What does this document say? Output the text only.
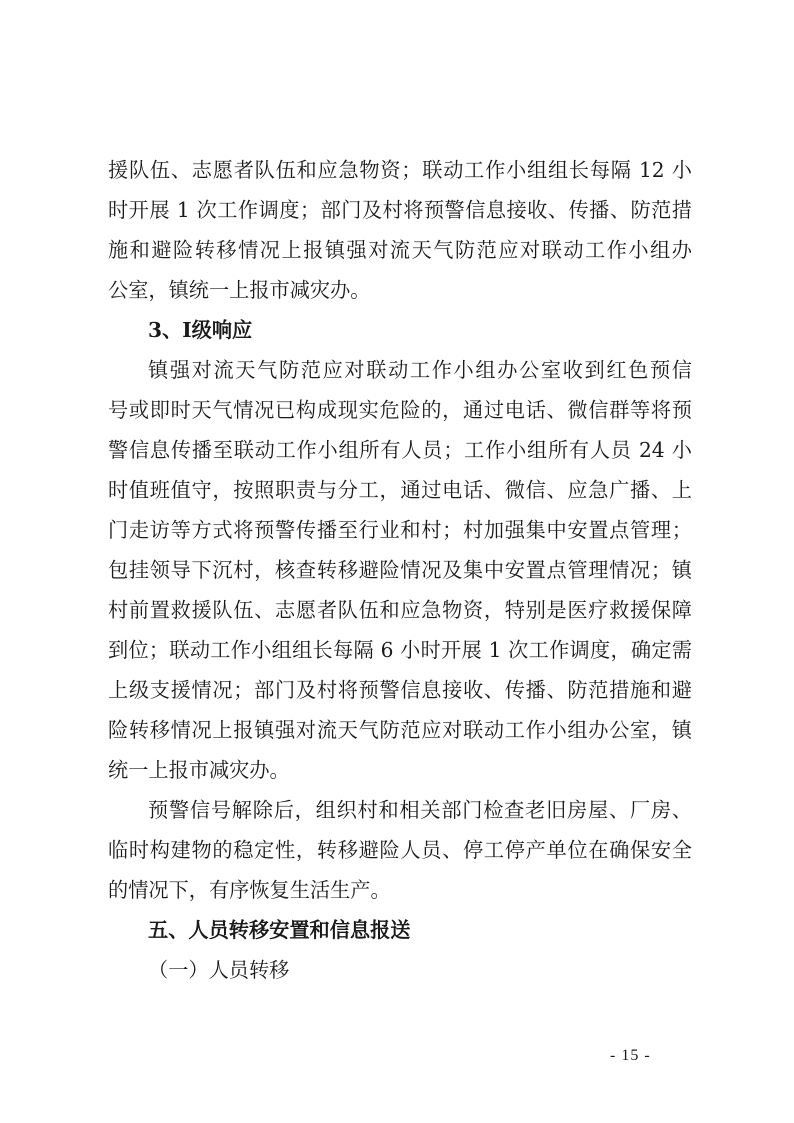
援队伍、志愿者队伍和应急物资；联动工作小组组长每隔 12 小
时开展 1 次工作调度；部门及村将预警信息接收、传播、防范措
施和避险转移情况上报镇强对流天气防范应对联动工作小组办
公室，镇统一上报市减灾办。
3、Ⅰ级响应
镇强对流天气防范应对联动工作小组办公室收到红色预信
号或即时天气情况已构成现实危险的，通过电话、微信群等将预
警信息传播至联动工作小组所有人员；工作小组所有人员 24 小
时值班值守，按照职责与分工，通过电话、微信、应急广播、上
门走访等方式将预警传播至行业和村；村加强集中安置点管理；
包挂领导下沉村，核查转移避险情况及集中安置点管理情况；镇
村前置救援队伍、志愿者队伍和应急物资，特别是医疗救援保障
到位；联动工作小组组长每隔 6 小时开展 1 次工作调度，确定需
上级支援情况；部门及村将预警信息接收、传播、防范措施和避
险转移情况上报镇强对流天气防范应对联动工作小组办公室，镇
统一上报市减灾办。
预警信号解除后，组织村和相关部门检查老旧房屋、厂房、
临时构建物的稳定性，转移避险人员、停工停产单位在确保安全
的情况下，有序恢复生活生产。
五、人员转移安置和信息报送
（一）人员转移
- 15 -
